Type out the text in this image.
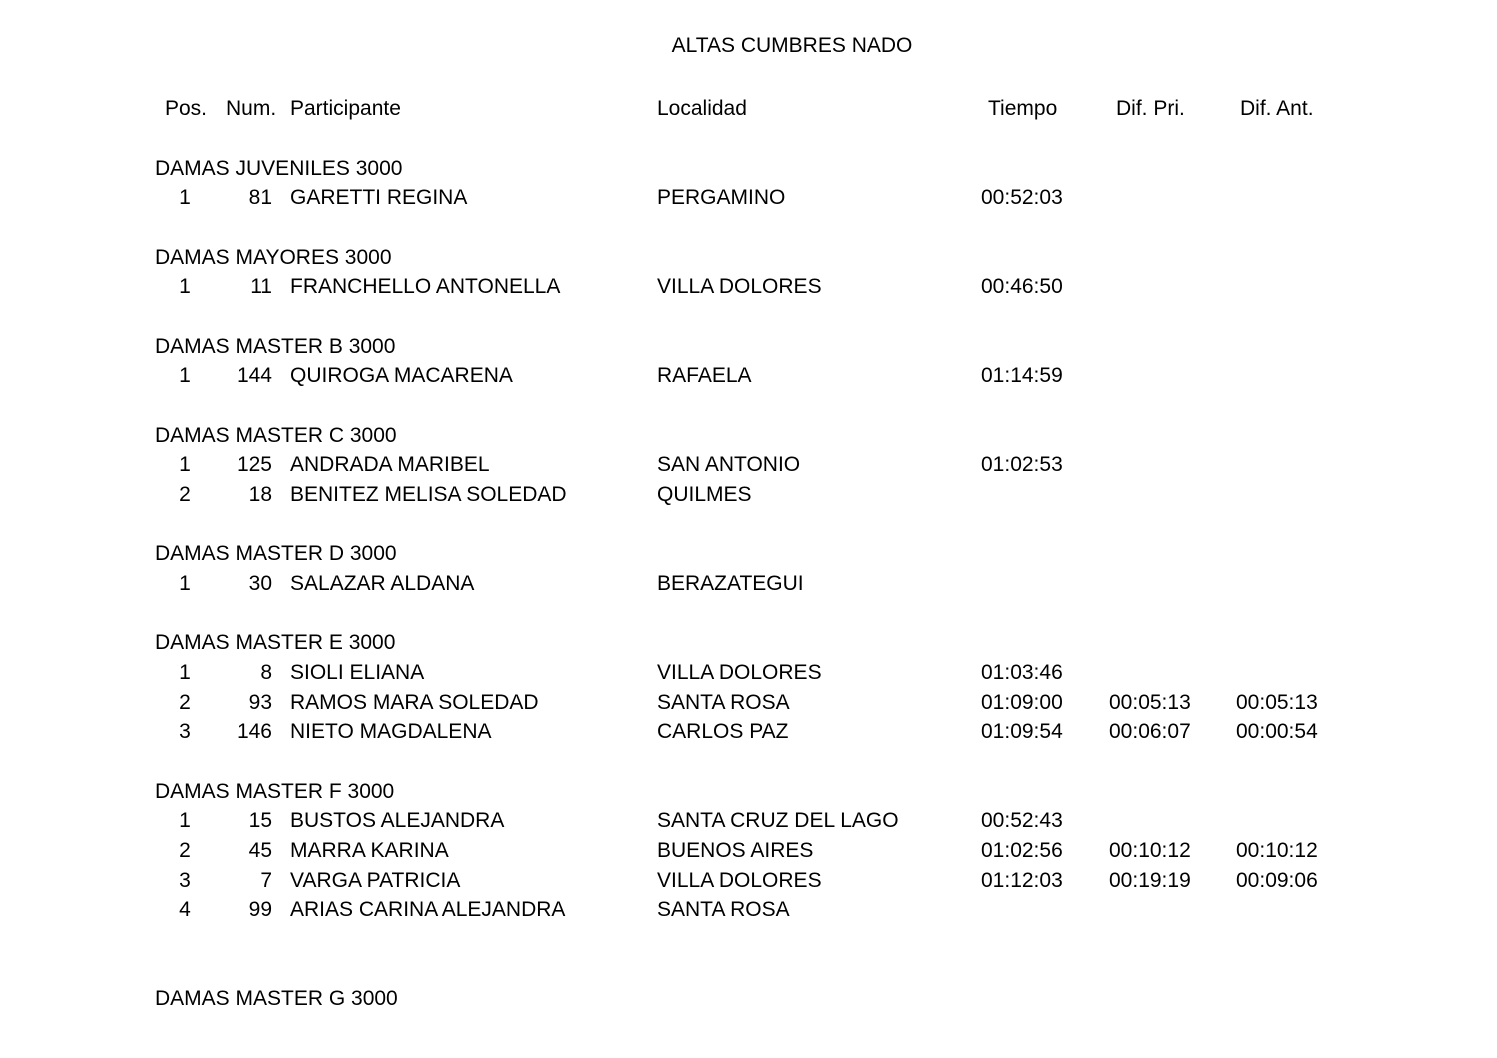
ALTAS CUMBRES NADO
Pos. Num. Participante	Localidad	Tiempo	Dif. Pri.	Dif. Ant.
DAMAS JUVENILES 3000
1	81 GARETTI REGINA	PERGAMINO	00:52:03
DAMAS MAYORES 3000
1	11 FRANCHELLO ANTONELLA	VILLA DOLORES	00:46:50
DAMAS MASTER B 3000
1	144 QUIROGA MACARENA	RAFAELA	01:14:59
DAMAS MASTER C 3000
1	125 ANDRADA MARIBEL	SAN ANTONIO	01:02:53
2	18 BENITEZ MELISA SOLEDAD	QUILMES
DAMAS MASTER D 3000
1	30 SALAZAR ALDANA	BERAZATEGUI
DAMAS MASTER E 3000
1	8 SIOLI ELIANA	VILLA DOLORES	01:03:46
2	93 RAMOS MARA SOLEDAD	SANTA ROSA	01:09:00 00:05:13 00:05:13
3	146 NIETO MAGDALENA	CARLOS PAZ	01:09:54 00:06:07 00:00:54
DAMAS MASTER F 3000
1	15 BUSTOS ALEJANDRA	SANTA CRUZ DEL LAGO	00:52:43
2	45 MARRA KARINA	BUENOS AIRES	01:02:56 00:10:12 00:10:12
3	7 VARGA PATRICIA	VILLA DOLORES	01:12:03 00:19:19 00:09:06
4	99 ARIAS CARINA ALEJANDRA	SANTA ROSA
DAMAS MASTER G 3000
